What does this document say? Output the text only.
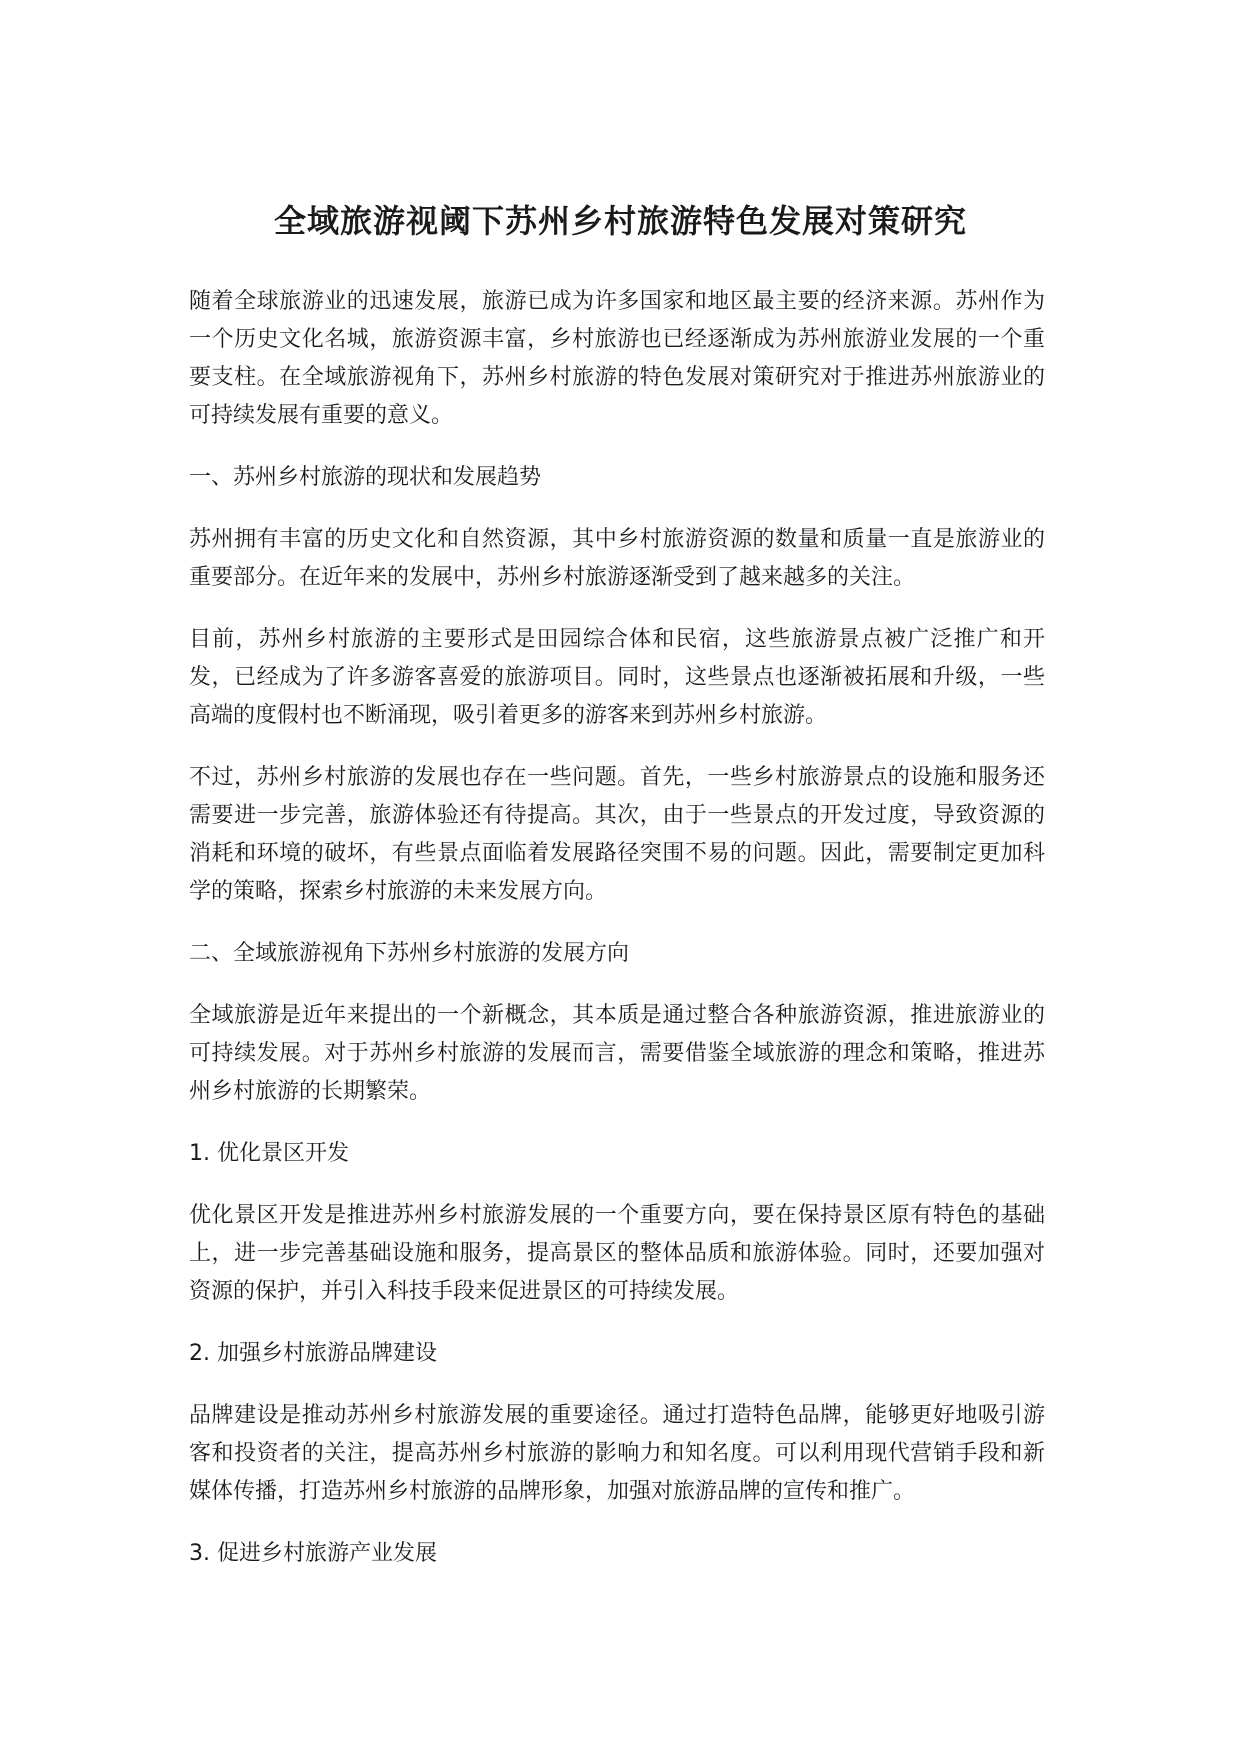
全域旅游视阈下苏州乡村旅游特色发展对策研究

随着全球旅游业的迅速发展，旅游已成为许多国家和地区最主要的经济来源。苏州作为一个历史文化名城，旅游资源丰富，乡村旅游也已经逐渐成为苏州旅游业发展的一个重要支柱。在全域旅游视角下，苏州乡村旅游的特色发展对策研究对于推进苏州旅游业的可持续发展有重要的意义。

一、苏州乡村旅游的现状和发展趋势

苏州拥有丰富的历史文化和自然资源，其中乡村旅游资源的数量和质量一直是旅游业的重要部分。在近年来的发展中，苏州乡村旅游逐渐受到了越来越多的关注。

目前，苏州乡村旅游的主要形式是田园综合体和民宿，这些旅游景点被广泛推广和开发，已经成为了许多游客喜爱的旅游项目。同时，这些景点也逐渐被拓展和升级，一些高端的度假村也不断涌现，吸引着更多的游客来到苏州乡村旅游。

不过，苏州乡村旅游的发展也存在一些问题。首先，一些乡村旅游景点的设施和服务还需要进一步完善，旅游体验还有待提高。其次，由于一些景点的开发过度，导致资源的消耗和环境的破坏，有些景点面临着发展路径突围不易的问题。因此，需要制定更加科学的策略，探索乡村旅游的未来发展方向。

二、全域旅游视角下苏州乡村旅游的发展方向

全域旅游是近年来提出的一个新概念，其本质是通过整合各种旅游资源，推进旅游业的可持续发展。对于苏州乡村旅游的发展而言，需要借鉴全域旅游的理念和策略，推进苏州乡村旅游的长期繁荣。

1. 优化景区开发

优化景区开发是推进苏州乡村旅游发展的一个重要方向，要在保持景区原有特色的基础上，进一步完善基础设施和服务，提高景区的整体品质和旅游体验。同时，还要加强对资源的保护，并引入科技手段来促进景区的可持续发展。

2. 加强乡村旅游品牌建设

品牌建设是推动苏州乡村旅游发展的重要途径。通过打造特色品牌，能够更好地吸引游客和投资者的关注，提高苏州乡村旅游的影响力和知名度。可以利用现代营销手段和新媒体传播，打造苏州乡村旅游的品牌形象，加强对旅游品牌的宣传和推广。

3. 促进乡村旅游产业发展
